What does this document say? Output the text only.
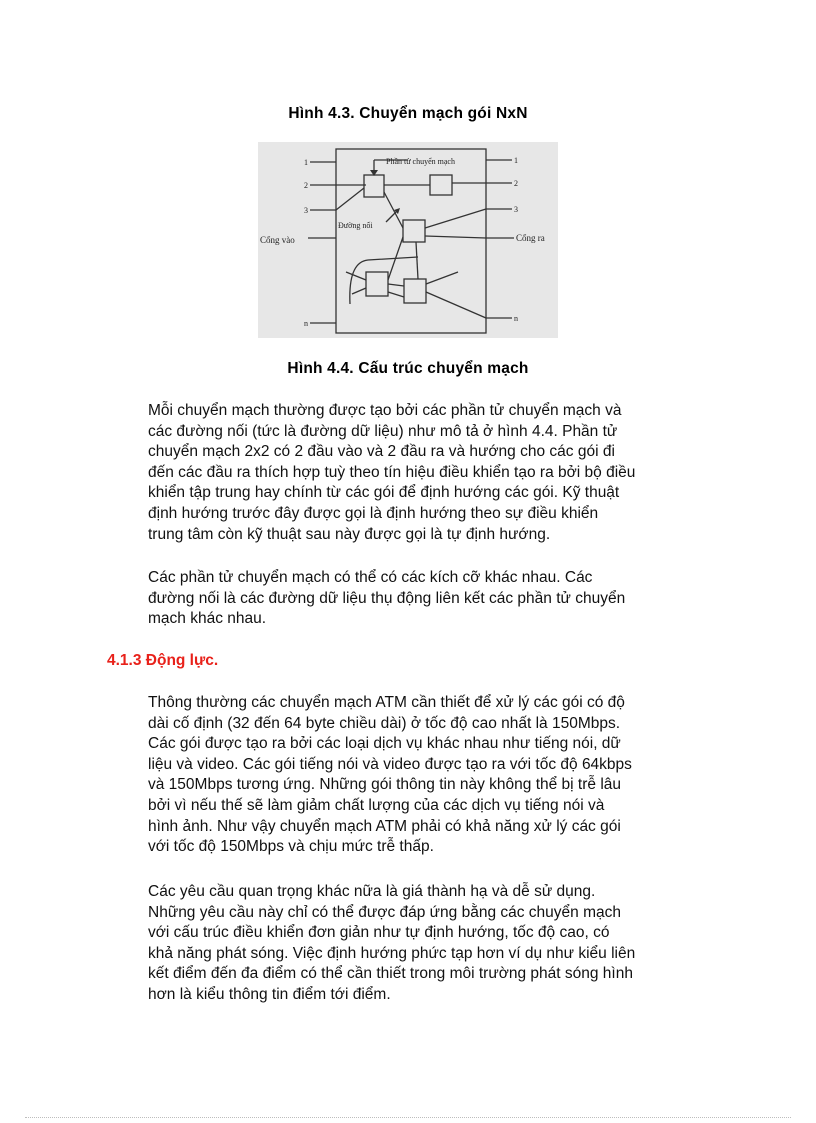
Hình 4.3. Chuyển mạch gói NxN
Phần tử chuyển mạch
Đường nối
Cổng vào	Cổng ra
1
2
3
n
1
2
3
n
Hình 4.4. Cấu trúc chuyển mạch
Mỗi chuyển mạch thường được tạo bởi các phần tử chuyển mạch và
các đường nối (tức là đường dữ liệu) như mô tả ở hình 4.4. Phần tử
chuyển mạch 2x2 có 2 đầu vào và 2 đầu ra và hướng cho các gói đi
đến các đầu ra thích hợp tuỳ theo tín hiệu điều khiển tạo ra bởi bộ điều
khiển tập trung hay chính từ các gói để định hướng các gói. Kỹ thuật
định hướng trước đây được gọi là định hướng theo sự điều khiển
trung tâm còn kỹ thuật sau này được gọi là tự định hướng.
Các phần tử chuyển mạch có thể có các kích cỡ khác nhau. Các
đường nối là các đường dữ liệu thụ động liên kết các phần tử chuyển
mạch khác nhau.
4.1.3 Động lực.
Thông thường các chuyển mạch ATM cần thiết để xử lý các gói có độ
dài cố định (32 đến 64 byte chiều dài) ở tốc độ cao nhất là 150Mbps.
Các gói được tạo ra bởi các loại dịch vụ khác nhau như tiếng nói, dữ
liệu và video. Các gói tiếng nói và video được tạo ra với tốc độ 64kbps
và 150Mbps tương ứng. Những gói thông tin này không thể bị trễ lâu
bởi vì nếu thế sẽ làm giảm chất lượng của các dịch vụ tiếng nói và
hình ảnh. Như vậy chuyển mạch ATM phải có khả năng xử lý các gói
với tốc độ 150Mbps và chịu mức trễ thấp.
Các yêu cầu quan trọng khác nữa là giá thành hạ và dễ sử dụng.
Những yêu cầu này chỉ có thể được đáp ứng bằng các chuyển mạch
với cấu trúc điều khiển đơn giản như tự định hướng, tốc độ cao, có
khả năng phát sóng. Việc định hướng phức tạp hơn ví dụ như kiểu liên
kết điểm đến đa điểm có thể cần thiết trong môi trường phát sóng hình
hơn là kiểu thông tin điểm tới điểm.
